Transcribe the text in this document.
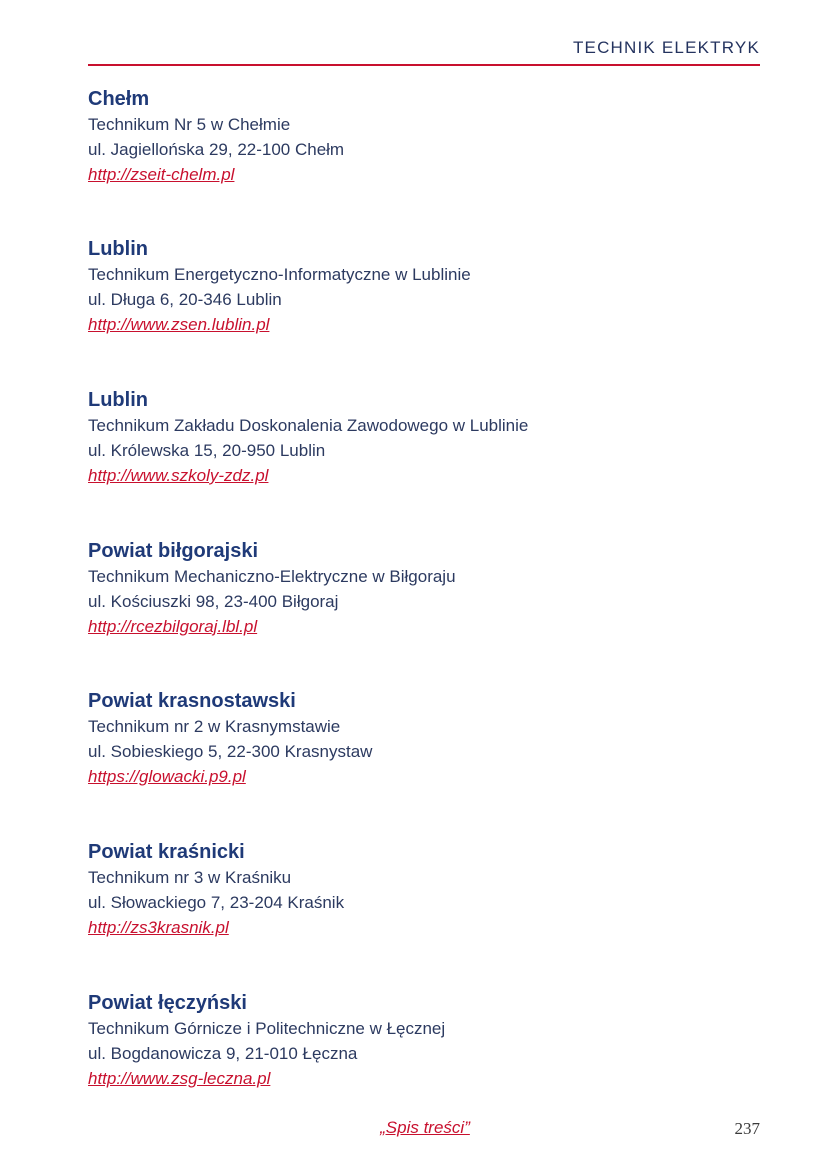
TECHNIK ELEKTRYK
Chełm
Technikum Nr 5 w Chełmie
ul. Jagiellońska 29, 22-100 Chełm
http://zseit-chelm.pl
Lublin
Technikum Energetyczno-Informatyczne w Lublinie
ul. Długa 6, 20-346 Lublin
http://www.zsen.lublin.pl
Lublin
Technikum Zakładu Doskonalenia Zawodowego w Lublinie
ul. Królewska 15, 20-950 Lublin
http://www.szkoly-zdz.pl
Powiat biłgorajski
Technikum Mechaniczno-Elektryczne w Biłgoraju
ul. Kościuszki 98, 23-400 Biłgoraj
http://rcezbilgoraj.lbl.pl
Powiat krasnostawski
Technikum nr 2 w Krasnymstawie
ul. Sobieskiego 5, 22-300 Krasnystaw
https://glowacki.p9.pl
Powiat kraśnicki
Technikum nr 3 w Kraśniku
ul. Słowackiego 7, 23-204 Kraśnik
http://zs3krasnik.pl
Powiat łęczyński
Technikum Górnicze i Politechniczne w Łęcznej
ul. Bogdanowicza 9, 21-010 Łęczna
http://www.zsg-leczna.pl
„Spis treści”	237
